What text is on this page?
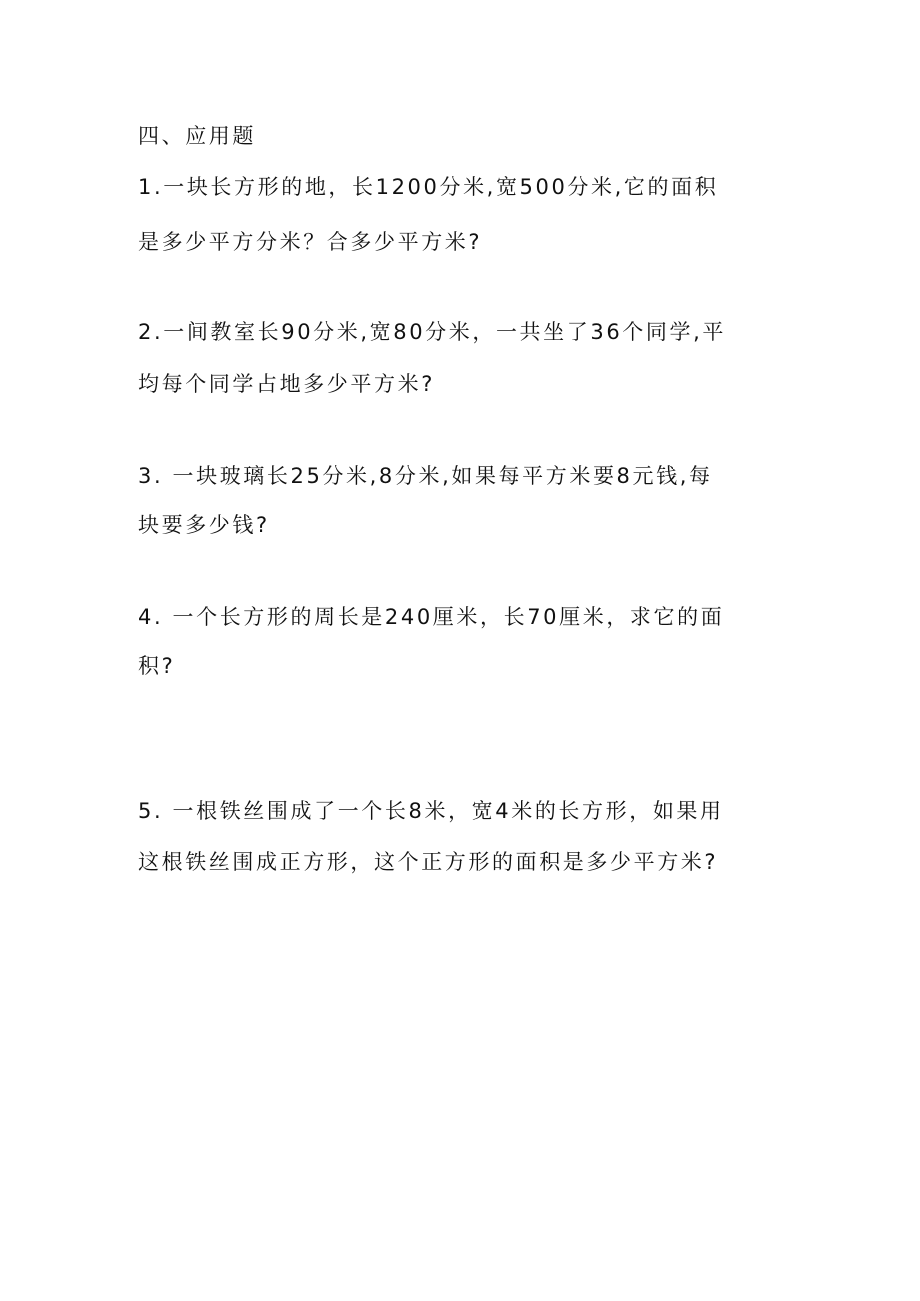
四、应用题
1.一块长方形的地，长1200分米,宽500分米,它的面积
是多少平方分米？合多少平方米?
2.一间教室长90分米,宽80分米，一共坐了36个同学,平
均每个同学占地多少平方米?
3. 一块玻璃长25分米,8分米,如果每平方米要8元钱,每
块要多少钱?
4. 一个长方形的周长是240厘米，长70厘米，求它的面
积?
5. 一根铁丝围成了一个长8米，宽4米的长方形，如果用
这根铁丝围成正方形，这个正方形的面积是多少平方米?
